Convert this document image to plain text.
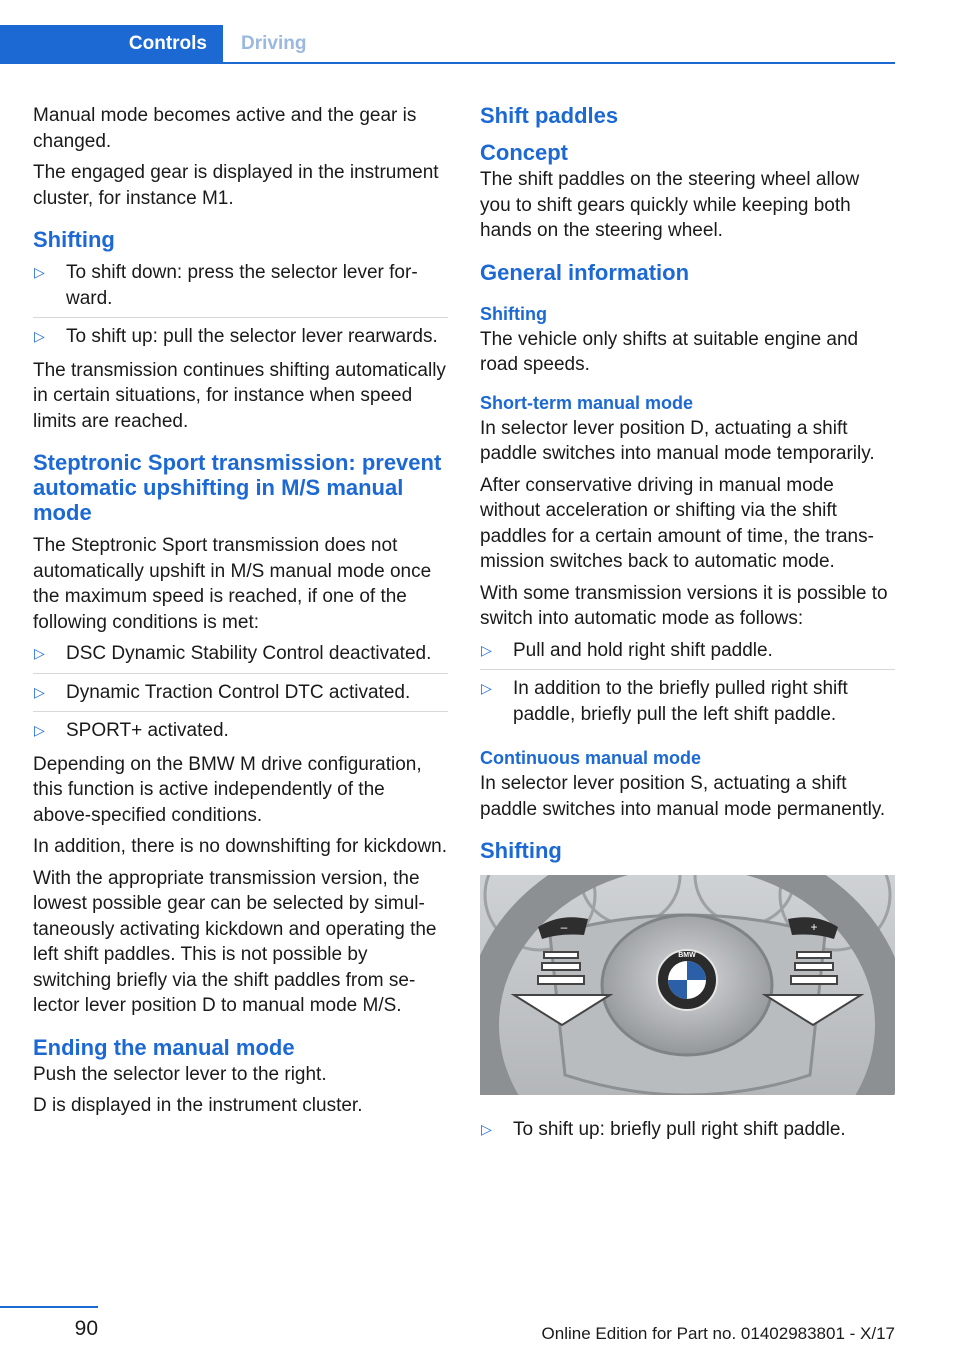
Controls	Driving

Manual mode becomes active and the gear is changed.

The engaged gear is displayed in the instrument cluster, for instance M1.

Shifting
▷ To shift down: press the selector lever forward.
▷ To shift up: pull the selector lever rearwards.

The transmission continues shifting automatically in certain situations, for instance when speed limits are reached.

Steptronic Sport transmission: prevent automatic upshifting in M/S manual mode

The Steptronic Sport transmission does not automatically upshift in M/S manual mode once the maximum speed is reached, if one of the following conditions is met:

▷ DSC Dynamic Stability Control deactivated.
▷ Dynamic Traction Control DTC activated.
▷ SPORT+ activated.

Depending on the BMW M drive configuration, this function is active independently of the above-specified conditions.

In addition, there is no downshifting for kickdown.

With the appropriate transmission version, the lowest possible gear can be selected by simultaneously activating kickdown and operating the left shift paddles. This is not possible by switching briefly via the shift paddles from selector lever position D to manual mode M/S.

Ending the manual mode

Push the selector lever to the right.

D is displayed in the instrument cluster.

Shift paddles
Concept

The shift paddles on the steering wheel allow you to shift gears quickly while keeping both hands on the steering wheel.

General information
Shifting

The vehicle only shifts at suitable engine and road speeds.

Short-term manual mode

In selector lever position D, actuating a shift paddle switches into manual mode temporarily.

After conservative driving in manual mode without acceleration or shifting via the shift paddles for a certain amount of time, the transmission switches back to automatic mode.

With some transmission versions it is possible to switch into automatic mode as follows:

▷ Pull and hold right shift paddle.
▷ In addition to the briefly pulled right shift paddle, briefly pull the left shift paddle.
Continuous manual mode

In selector lever position S, actuating a shift paddle switches into manual mode permanently.

Shifting
BMW
–	+
▷ To shift up: briefly pull right shift paddle.
90	Online Edition for Part no. 01402983801 - X/17
